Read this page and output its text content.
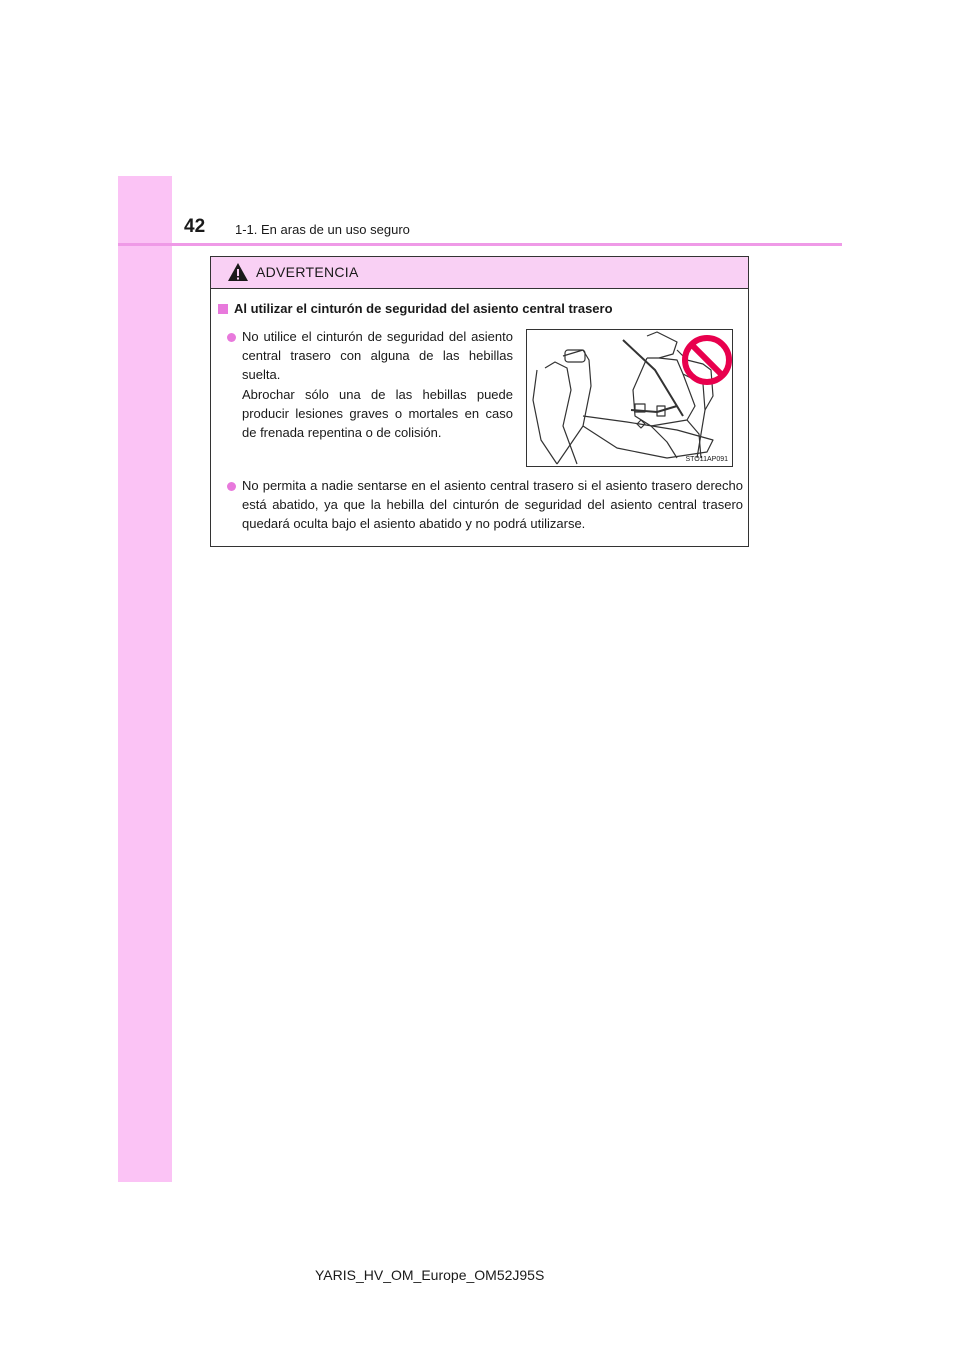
42 1-1. En aras de un uso seguro
ADVERTENCIA
Al utilizar el cinturón de seguridad del asiento central trasero
No utilice el cinturón de seguridad del asiento central trasero con alguna de las hebillas suelta.
Abrochar sólo una de las hebillas puede producir lesiones graves o mortales en caso de frenada repentina o de colisión.
STO11AP091
No permita a nadie sentarse en el asiento central trasero si el asiento trasero derecho está abatido, ya que la hebilla del cinturón de seguridad del asiento central trasero quedará oculta bajo el asiento abatido y no podrá utilizarse.
YARIS_HV_OM_Europe_OM52J95S
